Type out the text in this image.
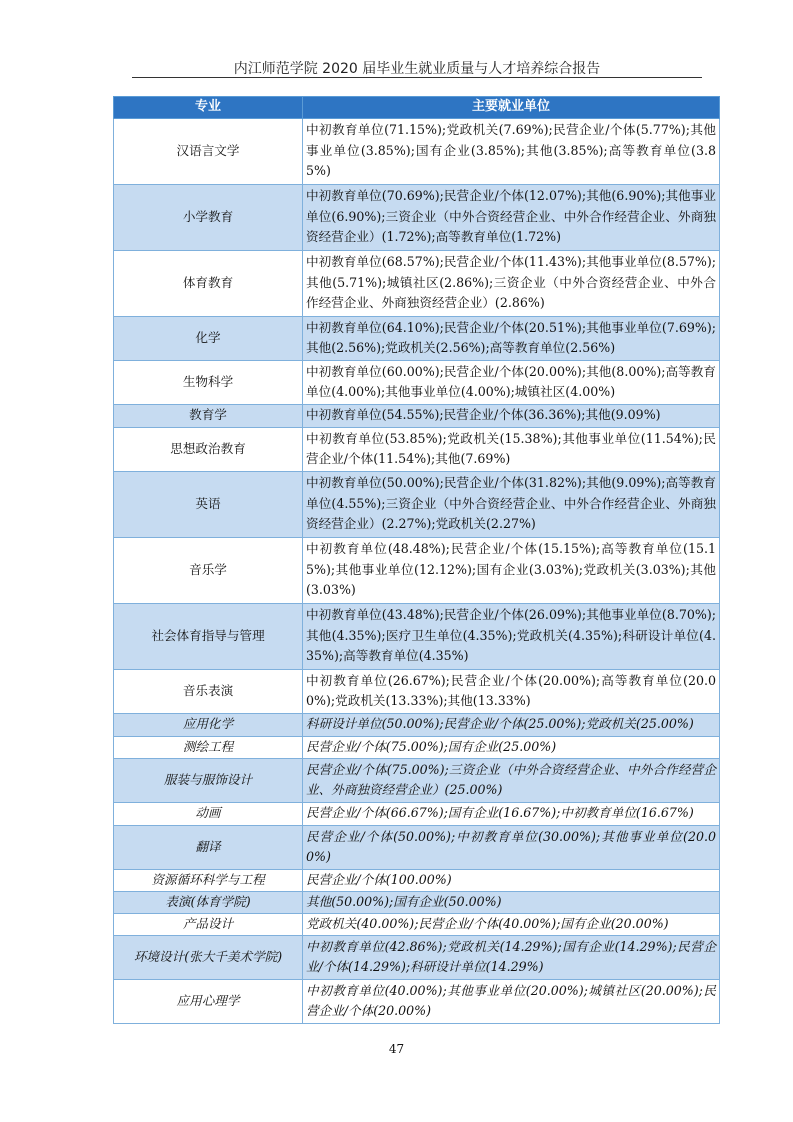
内江师范学院 2020 届毕业生就业质量与人才培养综合报告
专业	主要就业单位
汉语言文学	中初教育单位(71.15%);党政机关(7.69%);民营企业/个体(5.77%);其他事业单位(3.85%);国有企业(3.85%);其他(3.85%);高等教育单位(3.85%)
小学教育	中初教育单位(70.69%);民营企业/个体(12.07%);其他(6.90%);其他事业单位(6.90%);三资企业（中外合资经营企业、中外合作经营企业、外商独资经营企业）(1.72%);高等教育单位(1.72%)
体育教育	中初教育单位(68.57%);民营企业/个体(11.43%);其他事业单位(8.57%);其他(5.71%);城镇社区(2.86%);三资企业（中外合资经营企业、中外合作经营企业、外商独资经营企业）(2.86%)
化学	中初教育单位(64.10%);民营企业/个体(20.51%);其他事业单位(7.69%);其他(2.56%);党政机关(2.56%);高等教育单位(2.56%)
生物科学	中初教育单位(60.00%);民营企业/个体(20.00%);其他(8.00%);高等教育单位(4.00%);其他事业单位(4.00%);城镇社区(4.00%)
教育学	中初教育单位(54.55%);民营企业/个体(36.36%);其他(9.09%)
思想政治教育	中初教育单位(53.85%);党政机关(15.38%);其他事业单位(11.54%);民营企业/个体(11.54%);其他(7.69%)
英语	中初教育单位(50.00%);民营企业/个体(31.82%);其他(9.09%);高等教育单位(4.55%);三资企业（中外合资经营企业、中外合作经营企业、外商独资经营企业）(2.27%);党政机关(2.27%)
音乐学	中初教育单位(48.48%);民营企业/个体(15.15%);高等教育单位(15.15%);其他事业单位(12.12%);国有企业(3.03%);党政机关(3.03%);其他(3.03%)
社会体育指导与管理	中初教育单位(43.48%);民营企业/个体(26.09%);其他事业单位(8.70%);其他(4.35%);医疗卫生单位(4.35%);党政机关(4.35%);科研设计单位(4.35%);高等教育单位(4.35%)
音乐表演	中初教育单位(26.67%);民营企业/个体(20.00%);高等教育单位(20.00%);党政机关(13.33%);其他(13.33%)
应用化学	科研设计单位(50.00%);民营企业/个体(25.00%);党政机关(25.00%)
测绘工程	民营企业/个体(75.00%);国有企业(25.00%)
服装与服饰设计	民营企业/个体(75.00%);三资企业（中外合资经营企业、中外合作经营企业、外商独资经营企业）(25.00%)
动画	民营企业/个体(66.67%);国有企业(16.67%);中初教育单位(16.67%)
翻译	民营企业/个体(50.00%);中初教育单位(30.00%);其他事业单位(20.00%)
资源循环科学与工程	民营企业/个体(100.00%)
表演(体育学院)	其他(50.00%);国有企业(50.00%)
产品设计	党政机关(40.00%);民营企业/个体(40.00%);国有企业(20.00%)
环境设计(张大千美术学院)	中初教育单位(42.86%);党政机关(14.29%);国有企业(14.29%);民营企业/个体(14.29%);科研设计单位(14.29%)
应用心理学	中初教育单位(40.00%);其他事业单位(20.00%);城镇社区(20.00%);民营企业/个体(20.00%)
47
